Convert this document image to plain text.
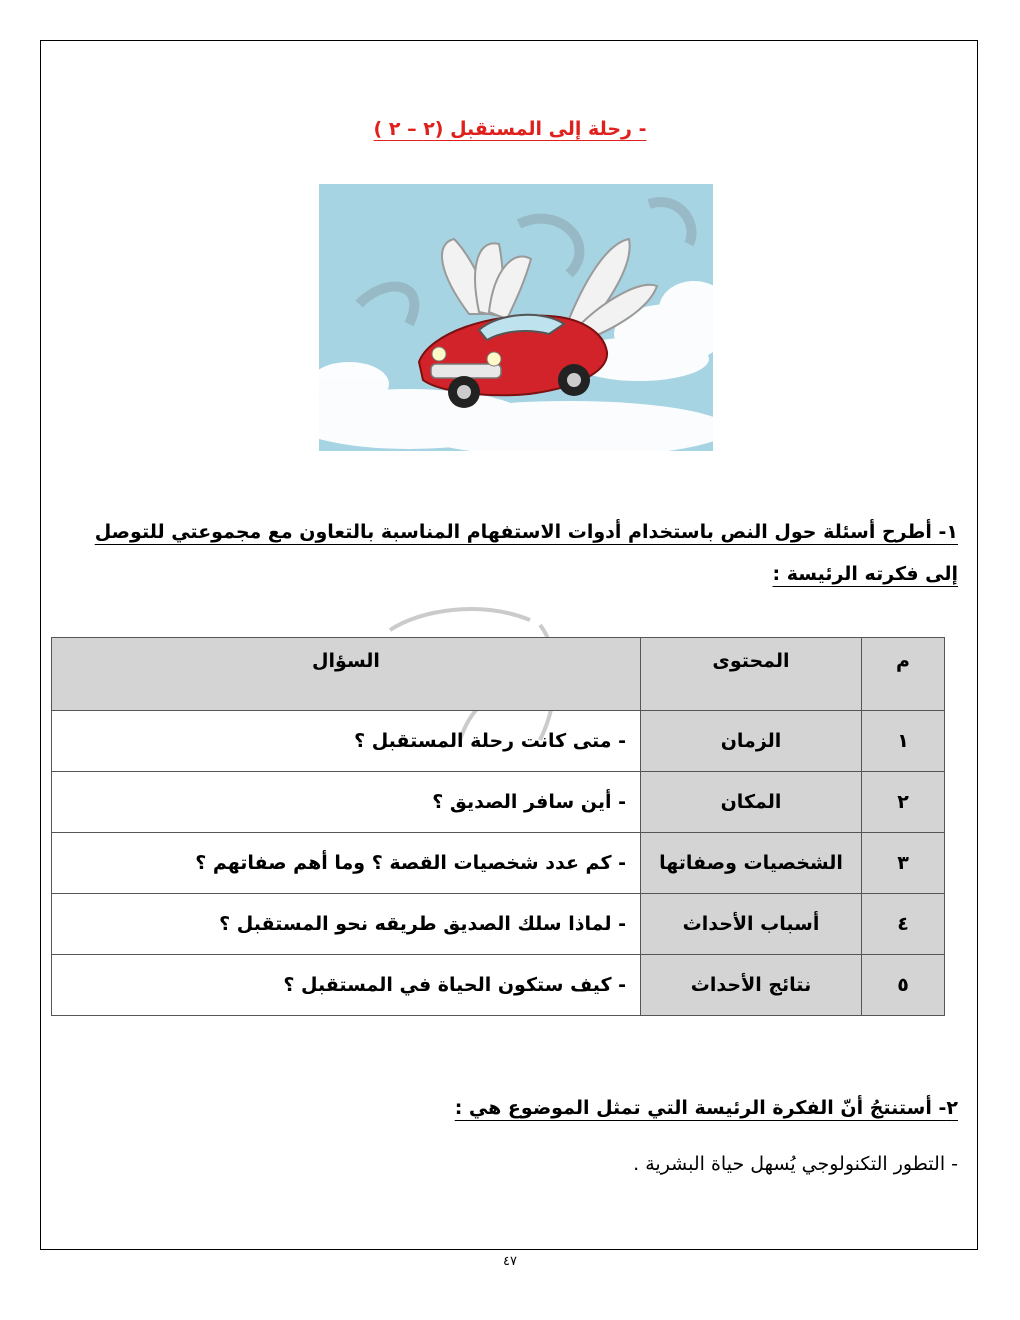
- رحلة إلى المستقبل (٢ – ٢ )
١- أطرح أسئلة حول النص باستخدام أدوات الاستفهام المناسبة بالتعاون مع مجموعتي للتوصل إلى فكرته الرئيسة :
م	المحتوى	السؤال
١	الزمان	- متى كانت رحلة المستقبل ؟
٢	المكان	- أين سافر الصديق ؟
٣	الشخصيات وصفاتها	- كم عدد شخصيات القصة ؟ وما أهم صفاتهم ؟
٤	أسباب الأحداث	- لماذا سلك الصديق طريقه نحو المستقبل ؟
٥	نتائج الأحداث	- كيف ستكون الحياة في المستقبل ؟
٢- أستنتجُ أنّ الفكرة الرئيسة التي تمثل الموضوع هي :
- التطور التكنولوجي يُسهل حياة البشرية .
٤٧
